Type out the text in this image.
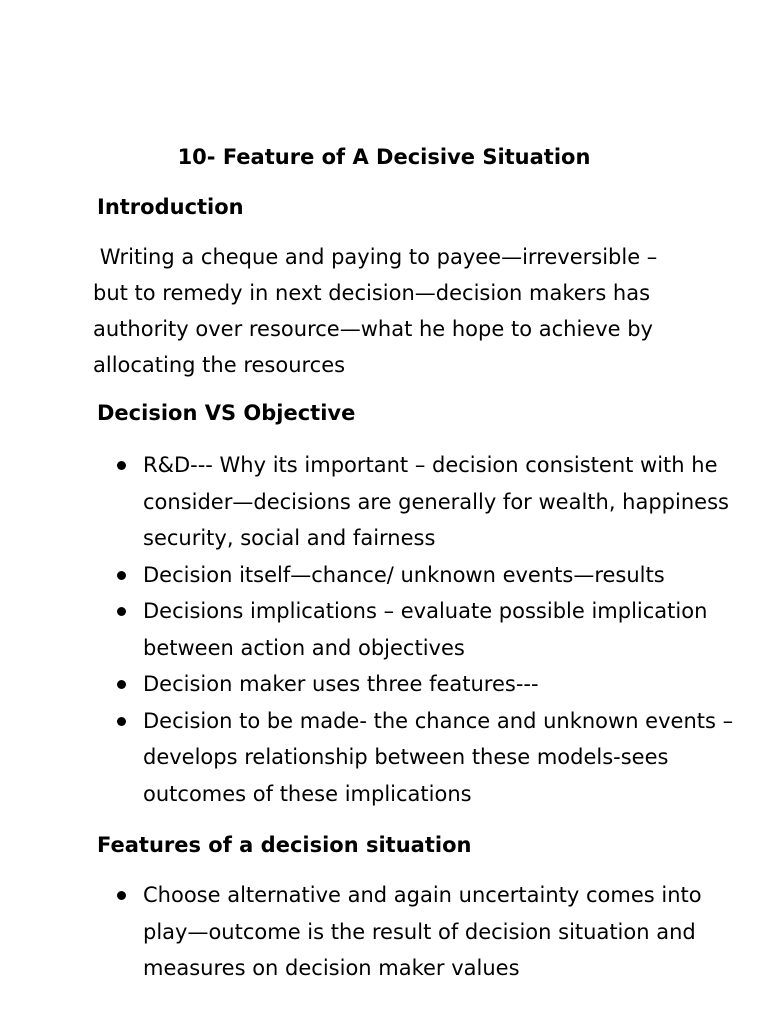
10- Feature of A Decisive Situation
Introduction

Writing a cheque and paying to payee—irreversible – but to remedy in next decision—decision makers has authority over resource—what he hope to achieve by allocating the resources

Decision VS Objective
R&D--- Why its important – decision consistent with he consider—decisions are generally for wealth, happiness security, social and fairness
Decision itself—chance/ unknown events—results
Decisions implications – evaluate possible implication between action and objectives
Decision maker uses three features---
Decision to be made- the chance and unknown events – develops relationship between these models-sees outcomes of these implications
Features of a decision situation
Choose alternative and again uncertainty comes into play—outcome is the result of decision situation and measures on decision maker values
